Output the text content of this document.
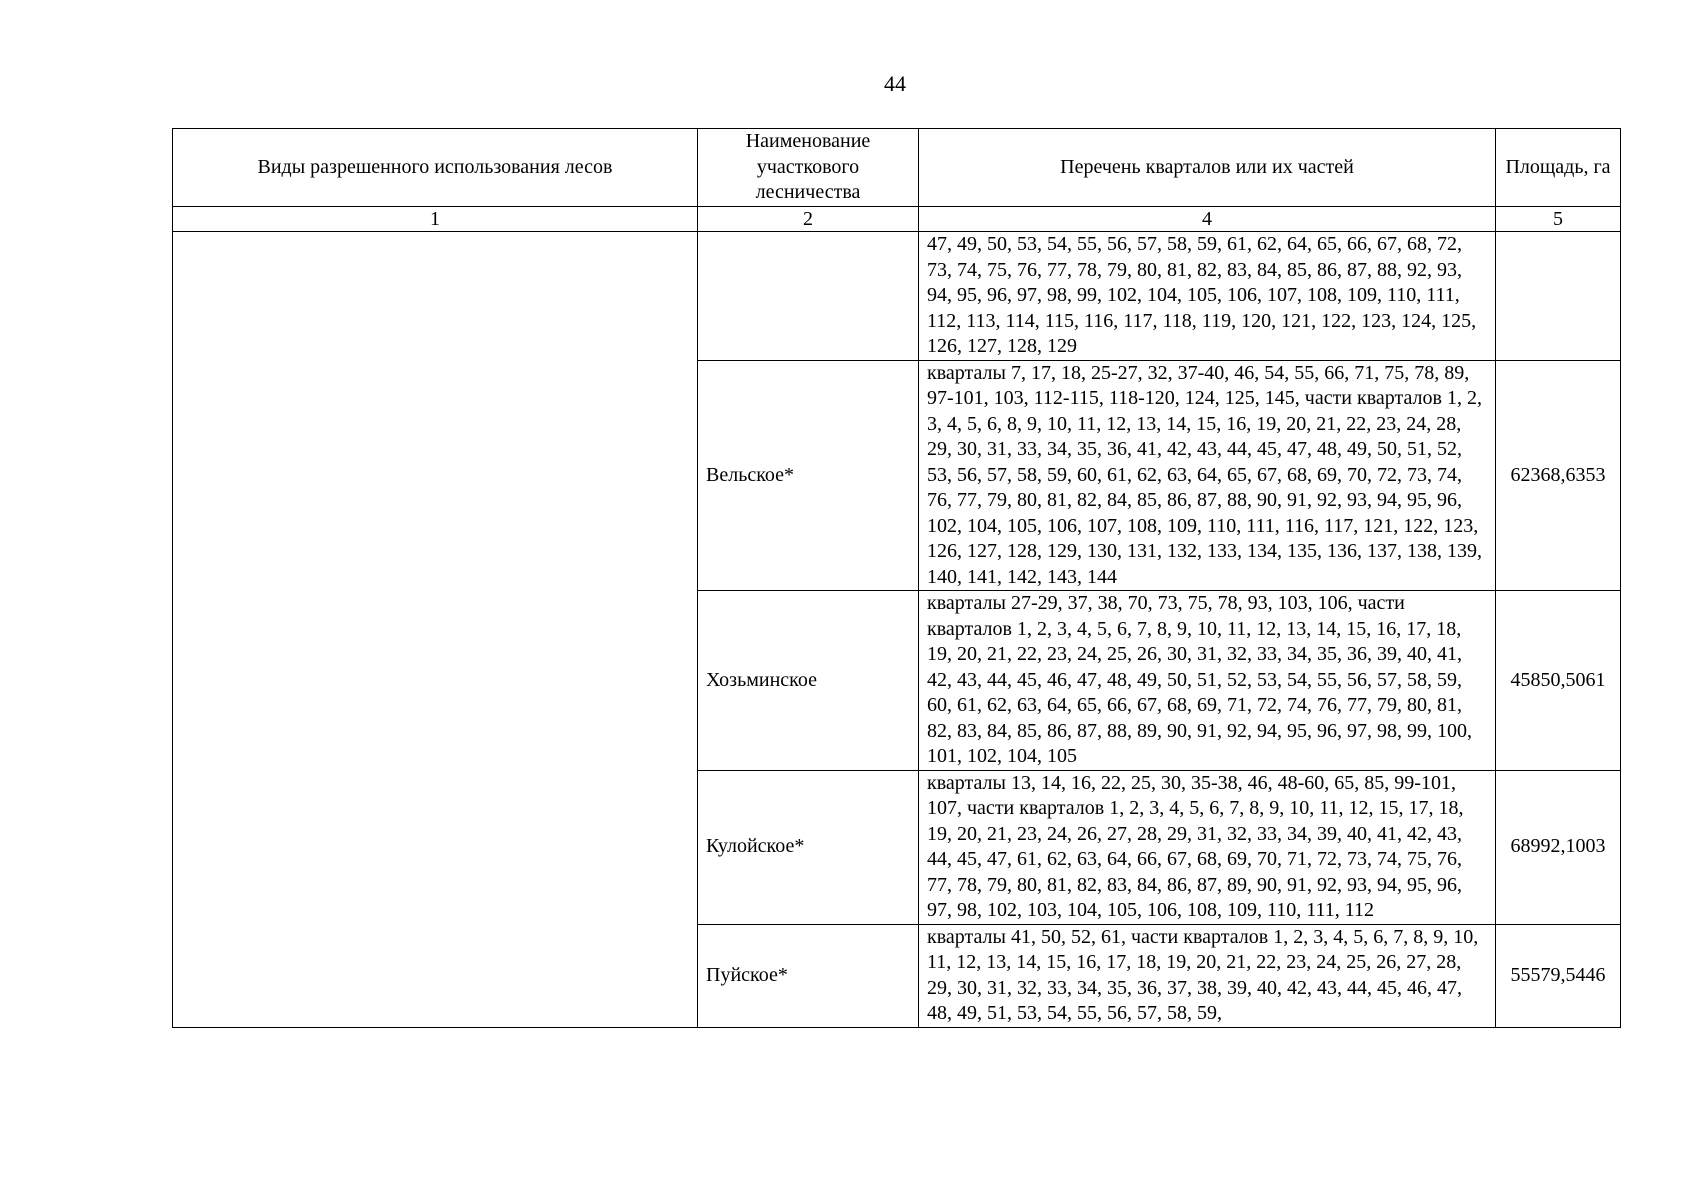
44
Виды разрешенного использования лесов	Наименование участкового лесничества	Перечень кварталов или их частей	Площадь, га
1	2	4	5
		47, 49, 50, 53, 54, 55, 56, 57, 58, 59, 61, 62, 64, 65, 66, 67, 68, 72, 73, 74, 75, 76, 77, 78, 79, 80, 81, 82, 83, 84, 85, 86, 87, 88, 92, 93, 94, 95, 96, 97, 98, 99, 102, 104, 105, 106, 107, 108, 109, 110, 111, 112, 113, 114, 115, 116, 117, 118, 119, 120, 121, 122, 123, 124, 125, 126, 127, 128, 129	
	Вельское*	кварталы 7, 17, 18, 25-27, 32, 37-40, 46, 54, 55, 66, 71, 75, 78, 89, 97-101, 103, 112-115, 118-120, 124, 125, 145, части кварталов 1, 2, 3, 4, 5, 6, 8, 9, 10, 11, 12, 13, 14, 15, 16, 19, 20, 21, 22, 23, 24, 28, 29, 30, 31, 33, 34, 35, 36, 41, 42, 43, 44, 45, 47, 48, 49, 50, 51, 52, 53, 56, 57, 58, 59, 60, 61, 62, 63, 64, 65, 67, 68, 69, 70, 72, 73, 74, 76, 77, 79, 80, 81, 82, 84, 85, 86, 87, 88, 90, 91, 92, 93, 94, 95, 96, 102, 104, 105, 106, 107, 108, 109, 110, 111, 116, 117, 121, 122, 123, 126, 127, 128, 129, 130, 131, 132, 133, 134, 135, 136, 137, 138, 139, 140, 141, 142, 143, 144	62368,6353
	Хозьминское	кварталы 27-29, 37, 38, 70, 73, 75, 78, 93, 103, 106, части кварталов 1, 2, 3, 4, 5, 6, 7, 8, 9, 10, 11, 12, 13, 14, 15, 16, 17, 18, 19, 20, 21, 22, 23, 24, 25, 26, 30, 31, 32, 33, 34, 35, 36, 39, 40, 41, 42, 43, 44, 45, 46, 47, 48, 49, 50, 51, 52, 53, 54, 55, 56, 57, 58, 59, 60, 61, 62, 63, 64, 65, 66, 67, 68, 69, 71, 72, 74, 76, 77, 79, 80, 81, 82, 83, 84, 85, 86, 87, 88, 89, 90, 91, 92, 94, 95, 96, 97, 98, 99, 100, 101, 102, 104, 105	45850,5061
	Кулойское*	кварталы 13, 14, 16, 22, 25, 30, 35-38, 46, 48-60, 65, 85, 99-101, 107, части кварталов 1, 2, 3, 4, 5, 6, 7, 8, 9, 10, 11, 12, 15, 17, 18, 19, 20, 21, 23, 24, 26, 27, 28, 29, 31, 32, 33, 34, 39, 40, 41, 42, 43, 44, 45, 47, 61, 62, 63, 64, 66, 67, 68, 69, 70, 71, 72, 73, 74, 75, 76, 77, 78, 79, 80, 81, 82, 83, 84, 86, 87, 89, 90, 91, 92, 93, 94, 95, 96, 97, 98, 102, 103, 104, 105, 106, 108, 109, 110, 111, 112	68992,1003
	Пуйское*	кварталы 41, 50, 52, 61, части кварталов 1, 2, 3, 4, 5, 6, 7, 8, 9, 10, 11, 12, 13, 14, 15, 16, 17, 18, 19, 20, 21, 22, 23, 24, 25, 26, 27, 28, 29, 30, 31, 32, 33, 34, 35, 36, 37, 38, 39, 40, 42, 43, 44, 45, 46, 47, 48, 49, 51, 53, 54, 55, 56, 57, 58, 59,	55579,5446
